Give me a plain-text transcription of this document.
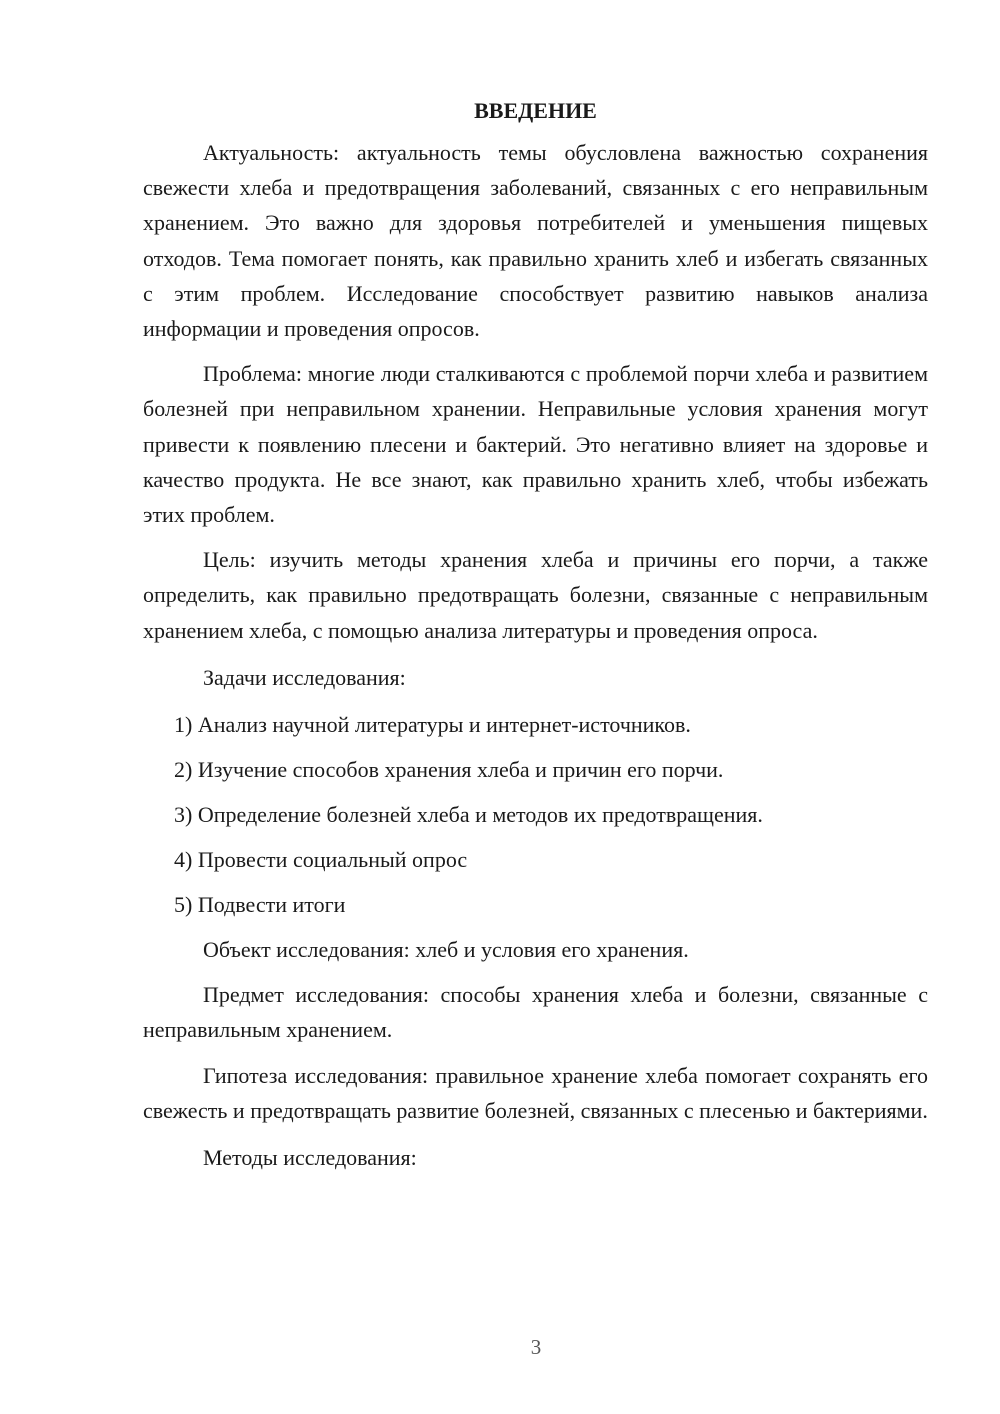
ВВЕДЕНИЕ

Актуальность: актуальность темы обусловлена важностью сохранения свежести хлеба и предотвращения заболеваний, связанных с его неправильным хранением. Это важно для здоровья потребителей и уменьшения пищевых отходов. Тема помогает понять, как правильно хранить хлеб и избегать связанных с этим проблем. Исследование способствует развитию навыков анализа информации и проведения опросов.

Проблема: многие люди сталкиваются с проблемой порчи хлеба и развитием болезней при неправильном хранении. Неправильные условия хранения могут привести к появлению плесени и бактерий. Это негативно влияет на здоровье и качество продукта. Не все знают, как правильно хранить хлеб, чтобы избежать этих проблем.

Цель: изучить методы хранения хлеба и причины его порчи, а также определить, как правильно предотвращать болезни, связанные с неправильным хранением хлеба, с помощью анализа литературы и проведения опроса.

Задачи исследования:

1) Анализ научной литературы и интернет-источников.

2) Изучение способов хранения хлеба и причин его порчи.

3) Определение болезней хлеба и методов их предотвращения.

4) Провести социальный опрос

5) Подвести итоги

Объект исследования: хлеб и условия его хранения.

Предмет исследования: способы хранения хлеба и болезни, связанные с неправильным хранением.

Гипотеза исследования: правильное хранение хлеба помогает сохранять его свежесть и предотвращать развитие болезней, связанных с плесенью и бактериями.

Методы исследования:

3
